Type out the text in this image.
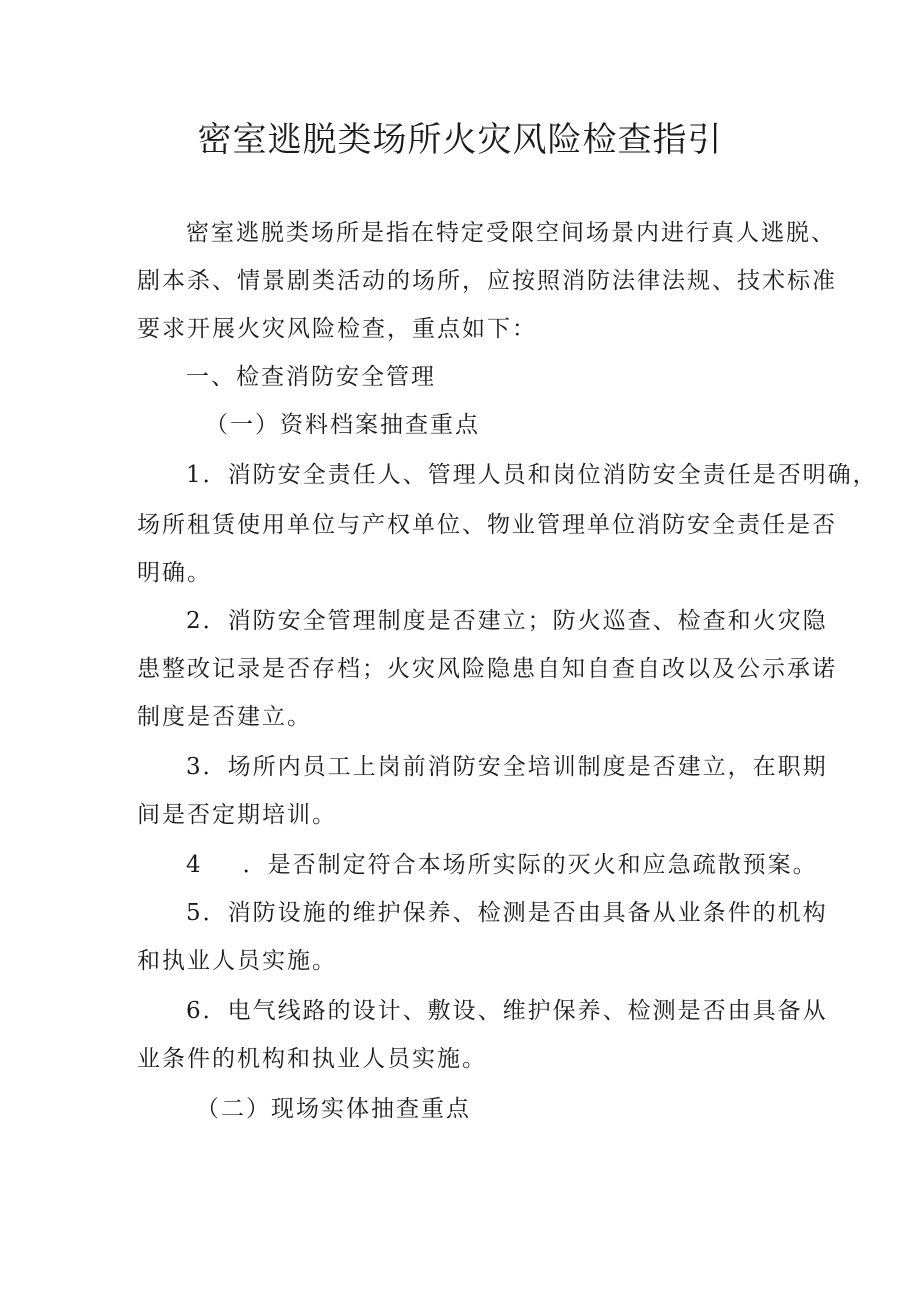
密室逃脱类场所火灾风险检查指引
密室逃脱类场所是指在特定受限空间场景内进行真人逃脱、
剧本杀、情景剧类活动的场所，应按照消防法律法规、技术标准
要求开展火灾风险检查，重点如下：
一、检查消防安全管理
（一）资料档案抽查重点
1．消防安全责任人、管理人员和岗位消防安全责任是否明确，
场所租赁使用单位与产权单位、物业管理单位消防安全责任是否
明确。
2．消防安全管理制度是否建立；防火巡查、检查和火灾隐
患整改记录是否存档；火灾风险隐患自知自查自改以及公示承诺
制度是否建立。
3．场所内员工上岗前消防安全培训制度是否建立，在职期
间是否定期培训。
4 ．是否制定符合本场所实际的灭火和应急疏散预案。
5．消防设施的维护保养、检测是否由具备从业条件的机构
和执业人员实施。
6．电气线路的设计、敷设、维护保养、检测是否由具备从
业条件的机构和执业人员实施。
（二）现场实体抽查重点
